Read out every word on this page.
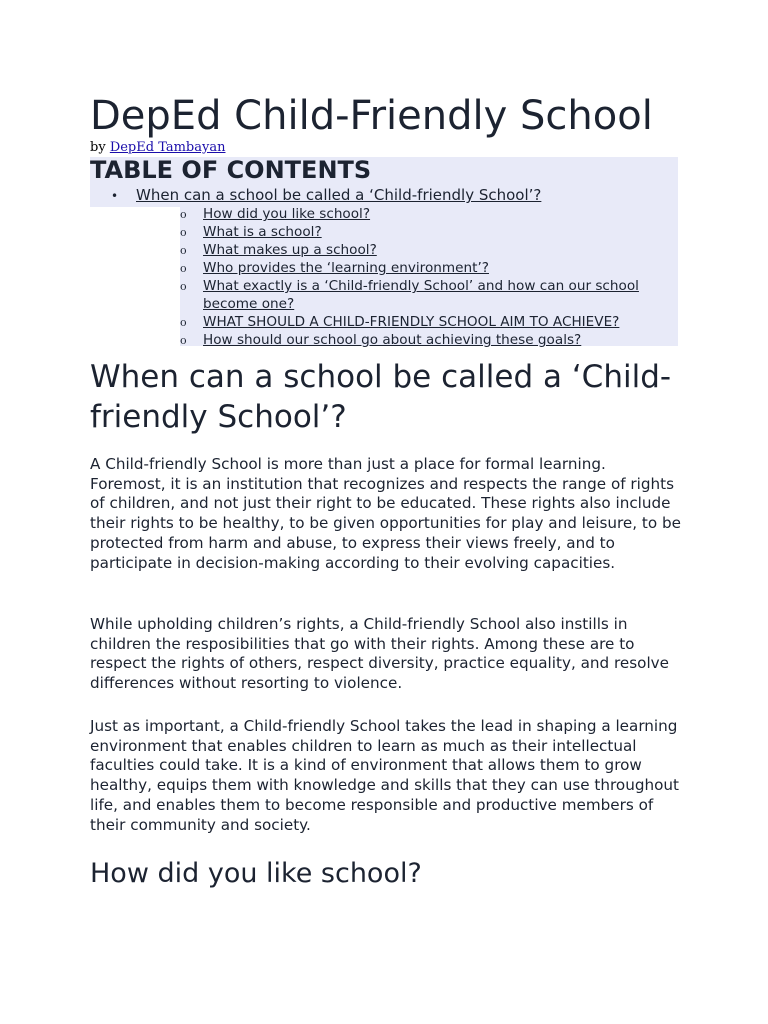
DepEd Child-Friendly School
by DepEd Tambayan
TABLE OF CONTENTS
• When can a school be called a ‘Child-friendly School’?
o How did you like school?
o What is a school?
o What makes up a school?
o Who provides the ‘learning environment’?
o What exactly is a ‘Child-friendly School’ and how can our school become one?
o WHAT SHOULD A CHILD-FRIENDLY SCHOOL AIM TO ACHIEVE?
o How should our school go about achieving these goals?
When can a school be called a ‘Child-friendly School’?

A Child-friendly School is more than just a place for formal learning. Foremost, it is an institution that recognizes and respects the range of rights of children, and not just their right to be educated. These rights also include their rights to be healthy, to be given opportunities for play and leisure, to be protected from harm and abuse, to express their views freely, and to participate in decision-making according to their evolving capacities.

While upholding children’s rights, a Child-friendly School also instills in children the resposibilities that go with their rights. Among these are to respect the rights of others, respect diversity, practice equality, and resolve differences without resorting to violence.

Just as important, a Child-friendly School takes the lead in shaping a learning environment that enables children to learn as much as their intellectual faculties could take. It is a kind of environment that allows them to grow healthy, equips them with knowledge and skills that they can use throughout life, and enables them to become responsible and productive members of their community and society.

How did you like school?
